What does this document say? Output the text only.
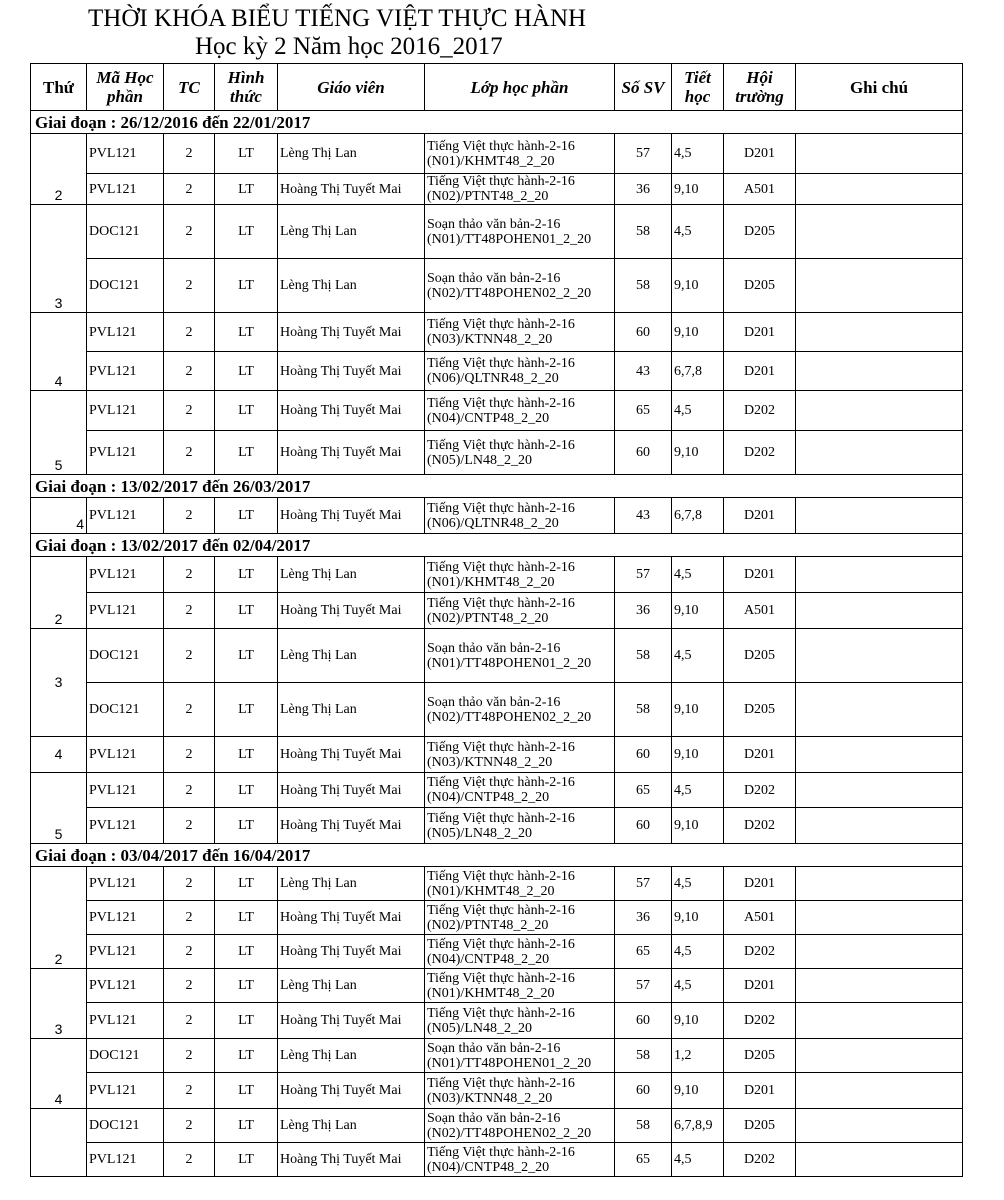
THỜI KHÓA BIỂU TIẾNG VIỆT THỰC HÀNH
Học kỳ 2 Năm học 2016_2017
Thứ	Mã Học phần	TC	Hình thức	Giáo viên	Lớp học phần	Số SV	Tiết học	Hội trường	Ghi chú
Giai đoạn : 26/12/2016 đến 22/01/2017									
2	PVL121	2	LT	Lèng Thị Lan	Tiếng Việt thực hành-2-16 (N01)/KHMT48_2_20	57	4,5	D201	
	PVL121	2	LT	Hoàng Thị Tuyết Mai	Tiếng Việt thực hành-2-16 (N02)/PTNT48_2_20	36	9,10	A501	
3	DOC121	2	LT	Lèng Thị Lan	Soạn thảo văn bản-2-16 (N01)/TT48POHEN01_2_20	58	4,5	D205	
	DOC121	2	LT	Lèng Thị Lan	Soạn thảo văn bản-2-16 (N02)/TT48POHEN02_2_20	58	9,10	D205	
4	PVL121	2	LT	Hoàng Thị Tuyết Mai	Tiếng Việt thực hành-2-16 (N03)/KTNN48_2_20	60	9,10	D201	
	PVL121	2	LT	Hoàng Thị Tuyết Mai	Tiếng Việt thực hành-2-16 (N06)/QLTNR48_2_20	43	6,7,8	D201	
5	PVL121	2	LT	Hoàng Thị Tuyết Mai	Tiếng Việt thực hành-2-16 (N04)/CNTP48_2_20	65	4,5	D202	
	PVL121	2	LT	Hoàng Thị Tuyết Mai	Tiếng Việt thực hành-2-16 (N05)/LN48_2_20	60	9,10	D202	
Giai đoạn : 13/02/2017 đến 26/03/2017									
4	PVL121	2	LT	Hoàng Thị Tuyết Mai	Tiếng Việt thực hành-2-16 (N06)/QLTNR48_2_20	43	6,7,8	D201	
Giai đoạn : 13/02/2017 đến 02/04/2017									
2	PVL121	2	LT	Lèng Thị Lan	Tiếng Việt thực hành-2-16 (N01)/KHMT48_2_20	57	4,5	D201	
	PVL121	2	LT	Hoàng Thị Tuyết Mai	Tiếng Việt thực hành-2-16 (N02)/PTNT48_2_20	36	9,10	A501	
3	DOC121	2	LT	Lèng Thị Lan	Soạn thảo văn bản-2-16 (N01)/TT48POHEN01_2_20	58	4,5	D205	
	DOC121	2	LT	Lèng Thị Lan	Soạn thảo văn bản-2-16 (N02)/TT48POHEN02_2_20	58	9,10	D205	
4	PVL121	2	LT	Hoàng Thị Tuyết Mai	Tiếng Việt thực hành-2-16 (N03)/KTNN48_2_20	60	9,10	D201	
5	PVL121	2	LT	Hoàng Thị Tuyết Mai	Tiếng Việt thực hành-2-16 (N04)/CNTP48_2_20	65	4,5	D202	
	PVL121	2	LT	Hoàng Thị Tuyết Mai	Tiếng Việt thực hành-2-16 (N05)/LN48_2_20	60	9,10	D202	
Giai đoạn : 03/04/2017 đến 16/04/2017									
2	PVL121	2	LT	Lèng Thị Lan	Tiếng Việt thực hành-2-16 (N01)/KHMT48_2_20	57	4,5	D201	
	PVL121	2	LT	Hoàng Thị Tuyết Mai	Tiếng Việt thực hành-2-16 (N02)/PTNT48_2_20	36	9,10	A501	
	PVL121	2	LT	Hoàng Thị Tuyết Mai	Tiếng Việt thực hành-2-16 (N04)/CNTP48_2_20	65	4,5	D202	
3	PVL121	2	LT	Lèng Thị Lan	Tiếng Việt thực hành-2-16 (N01)/KHMT48_2_20	57	4,5	D201	
	PVL121	2	LT	Hoàng Thị Tuyết Mai	Tiếng Việt thực hành-2-16 (N05)/LN48_2_20	60	9,10	D202	
4	DOC121	2	LT	Lèng Thị Lan	Soạn thảo văn bản-2-16 (N01)/TT48POHEN01_2_20	58	1,2	D205	
	PVL121	2	LT	Hoàng Thị Tuyết Mai	Tiếng Việt thực hành-2-16 (N03)/KTNN48_2_20	60	9,10	D201	
	DOC121	2	LT	Lèng Thị Lan	Soạn thảo văn bản-2-16 (N02)/TT48POHEN02_2_20	58	6,7,8,9	D205	
	PVL121	2	LT	Hoàng Thị Tuyết Mai	Tiếng Việt thực hành-2-16 (N04)/CNTP48_2_20	65	4,5	D202	
